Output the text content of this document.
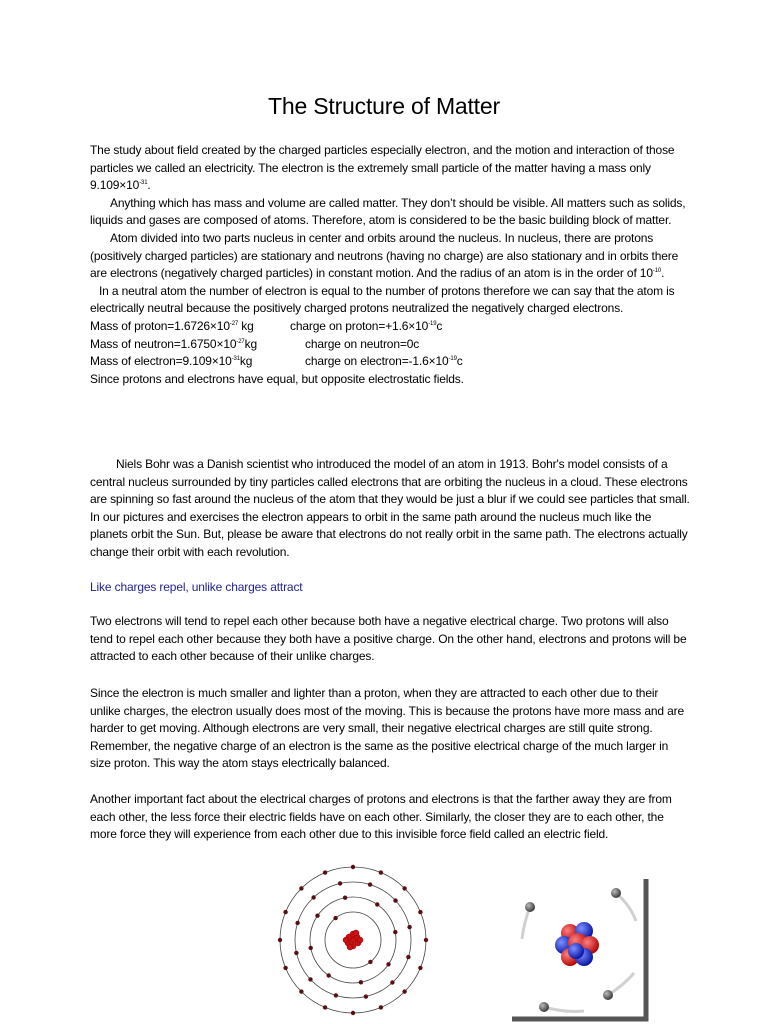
The Structure of Matter

The study about field created by the charged particles especially electron, and the motion and interaction of those particles we called an electricity. The electron is the extremely small particle of the matter having a mass only $9.109\times 10^{-31}$.

Anything which has mass and volume are called matter. They don’t should be visible. All matters such as solids, liquids and gases are composed of atoms. Therefore, atom is considered to be the basic building block of matter.

Atom divided into two parts nucleus in center and orbits around the nucleus. In nucleus, there are protons (positively charged particles) are stationary and neutrons (having no charge) are also stationary and in orbits there are electrons (negatively charged particles) in constant motion. And the radius of an atom is in the order of $10^{-10}$.

In a neutral atom the number of electron is equal to the number of protons therefore we can say that the atom is electrically neutral because the positively charged protons neutralized the negatively charged electrons.

Mass of $proton=1.6726\times 10^{-27}$ kg	charge on $proton=+1.6\times 10^{-19}c$
Mass of $neutron=1.6750\times 10^{-27}kg$	charge on neutron=0c
Mass of $electron=9.109\times 10^{-31}kg$	charge on $electron=-1.6\times 10^{-19}c$

Since protons and electrons have equal, but opposite electrostatic fields.

Niels Bohr was a Danish scientist who introduced the model of an atom in 1913. Bohr's model consists of a central nucleus surrounded by tiny particles called electrons that are orbiting the nucleus in a cloud. These electrons are spinning so fast around the nucleus of the atom that they would be just a blur if we could see particles that small. In our pictures and exercises the electron appears to orbit in the same path around the nucleus much like the planets orbit the Sun. But, please be aware that electrons do not really orbit in the same path. The electrons actually change their orbit with each revolution.

Like charges repel, unlike charges attract
Two electrons will tend to repel each other because both have a negative electrical charge. Two protons will also tend to repel each other because they both have a positive charge. On the other hand, electrons and protons will be attracted to each other because of their unlike charges.
Since the electron is much smaller and lighter than a proton, when they are attracted to each other due to their unlike charges, the electron usually does most of the moving. This is because the protons have more mass and are harder to get moving. Although electrons are very small, their negative electrical charges are still quite strong. Remember, the negative charge of an electron is the same as the positive electrical charge of the much larger in size proton. This way the atom stays electrically balanced.
Another important fact about the electrical charges of protons and electrons is that the farther away they are from each other, the less force their electric fields have on each other. Similarly, the closer they are to each other, the more force they will experience from each other due to this invisible force field called an electric field.
